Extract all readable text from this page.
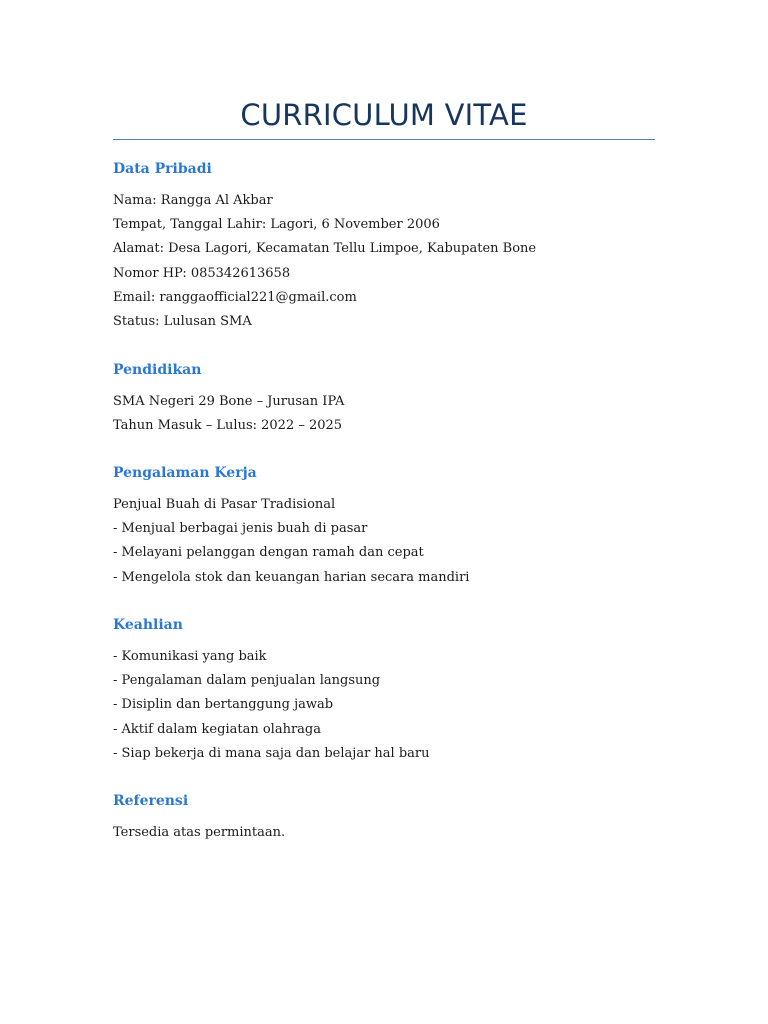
CURRICULUM VITAE
Data Pribadi
Nama: Rangga Al Akbar
Tempat, Tanggal Lahir: Lagori, 6 November 2006
Alamat: Desa Lagori, Kecamatan Tellu Limpoe, Kabupaten Bone
Nomor HP: 085342613658
Email: ranggaofficial221@gmail.com
Status: Lulusan SMA
Pendidikan
SMA Negeri 29 Bone – Jurusan IPA
Tahun Masuk – Lulus: 2022 – 2025
Pengalaman Kerja
Penjual Buah di Pasar Tradisional
- Menjual berbagai jenis buah di pasar
- Melayani pelanggan dengan ramah dan cepat
- Mengelola stok dan keuangan harian secara mandiri
Keahlian
- Komunikasi yang baik
- Pengalaman dalam penjualan langsung
- Disiplin dan bertanggung jawab
- Aktif dalam kegiatan olahraga
- Siap bekerja di mana saja dan belajar hal baru
Referensi
Tersedia atas permintaan.
